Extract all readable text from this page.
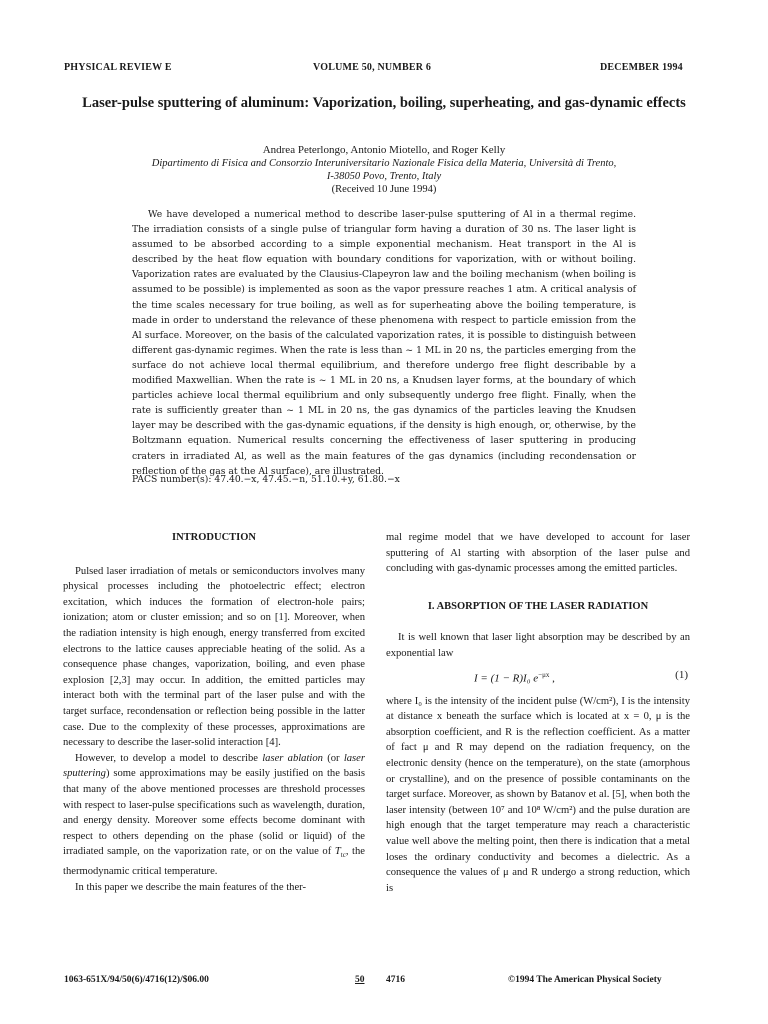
PHYSICAL REVIEW E	VOLUME 50, NUMBER 6	DECEMBER 1994
Laser-pulse sputtering of aluminum: Vaporization, boiling, superheating, and gas-dynamic effects
Andrea Peterlongo, Antonio Miotello, and Roger Kelly
Dipartimento di Fisica and Consorzio Interuniversitario Nazionale Fisica della Materia, Università di Trento,
I-38050 Povo, Trento, Italy
(Received 10 June 1994)

We have developed a numerical method to describe laser-pulse sputtering of Al in a thermal regime. The irradiation consists of a single pulse of triangular form having a duration of 30 ns. The laser light is assumed to be absorbed according to a simple exponential mechanism. Heat transport in the Al is described by the heat flow equation with boundary conditions for vaporization, with or without boiling. Vaporization rates are evaluated by the Clausius-Clapeyron law and the boiling mechanism (when boiling is assumed to be possible) is implemented as soon as the vapor pressure reaches 1 atm. A critical analysis of the time scales necessary for true boiling, as well as for superheating above the boiling temperature, is made in order to understand the relevance of these phenomena with respect to particle emission from the Al surface. Moreover, on the basis of the calculated vaporization rates, it is possible to distinguish between different gas-dynamic regimes. When the rate is less than ~ 1 ML in 20 ns, the particles emerging from the surface do not achieve local thermal equilibrium, and therefore undergo free flight describable by a modified Maxwellian. When the rate is ~ 1 ML in 20 ns, a Knudsen layer forms, at the boundary of which particles achieve local thermal equilibrium and only subsequently undergo free flight. Finally, when the rate is sufficiently greater than ~ 1 ML in 20 ns, the gas dynamics of the particles leaving the Knudsen layer may be described with the gas-dynamic equations, if the density is high enough, or, otherwise, by the Boltzmann equation. Numerical results concerning the effectiveness of laser sputtering in producing craters in irradiated Al, as well as the main features of the gas dynamics (including recondensation or reflection of the gas at the Al surface), are illustrated.

PACS number(s): 47.40.−x, 47.45.−n, 51.10.+y, 61.80.−x
INTRODUCTION

Pulsed laser irradiation of metals or semiconductors involves many physical processes including the photoelectric effect; electron excitation, which induces the formation of electron-hole pairs; ionization; atom or cluster emission; and so on [1]. Moreover, when the radiation intensity is high enough, energy transferred from excited electrons to the lattice causes appreciable heating of the solid. As a consequence phase changes, vaporization, boiling, and even phase explosion [2,3] may occur. In addition, the emitted particles may interact both with the terminal part of the laser pulse and with the target surface, recondensation or reflection being possible in the latter case. Due to the complexity of these processes, approximations are necessary to describe the laser-solid interaction [4].

However, to develop a model to describe laser ablation (or laser sputtering) some approximations may be easily justified on the basis that many of the above mentioned processes are threshold processes with respect to laser-pulse specifications such as wavelength, duration, and energy density. Moreover some effects become dominant with respect to others depending on the phase (solid or liquid) of the irradiated sample, on the vaporization rate, or on the value of $T_{tc}$, the thermodynamic critical temperature.

In this paper we describe the main features of the ther-

mal regime model that we have developed to account for laser sputtering of Al starting with absorption of the laser pulse and concluding with gas-dynamic processes among the emitted particles.

I. ABSORPTION OF THE LASER RADIATION

It is well known that laser light absorption may be described by an exponential law

I = (1 − R)I₀ $e^{-\mu x}$ ,	(1)

where I₀ is the intensity of the incident pulse (W/cm²), I is the intensity at distance x beneath the surface which is located at x = 0, μ is the absorption coefficient, and R is the reflection coefficient. As a matter of fact μ and R may depend on the radiation frequency, on the electronic density (hence on the temperature), on the state (amorphous or crystalline), and on the presence of possible contaminants on the target surface. Moreover, as shown by Batanov et al. [5], when both the laser intensity (between 10⁷ and 10⁸ W/cm²) and the pulse duration are high enough that the target temperature may reach a characteristic value well above the melting point, then there is indication that a metal loses the ordinary conductivity and becomes a dielectric. As a consequence the values of μ and R undergo a strong reduction, which is

1063-651X/94/50(6)/4716(12)/$06.00	50 4716	©1994 The American Physical Society
